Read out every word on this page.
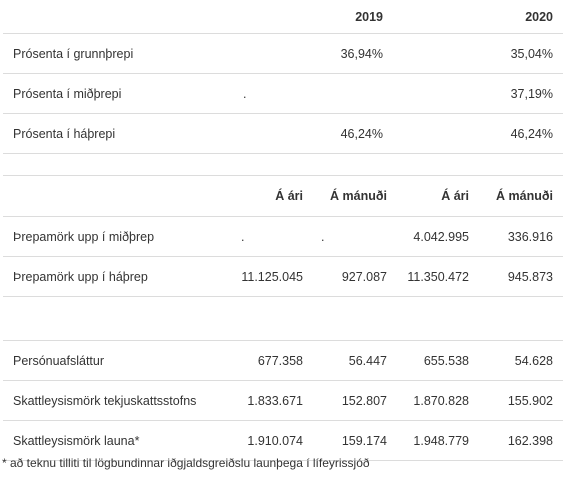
	2019	2020
Prósenta í grunnþrepi	36,94%	35,04%
Prósenta í miðþrepi	.	37,19%
Prósenta í háþrepi	46,24%	46,24%
	Á ári	Á mánuði	Á ári	Á mánuði
Þrepamörk upp í miðþrep	.	.	4.042.995	336.916
Þrepamörk upp í háþrep	11.125.045	927.087	11.350.472	945.873

Persónuafsláttur	677.358	56.447	655.538	54.628
Skattleysismörk tekjuskattsstofns	1.833.671	152.807	1.870.828	155.902
Skattleysismörk launa*	1.910.074	159.174	1.948.779	162.398
* að teknu tilliti til lögbundinnar iðgjaldsgreiðslu launþega í lífeyrissjóð
